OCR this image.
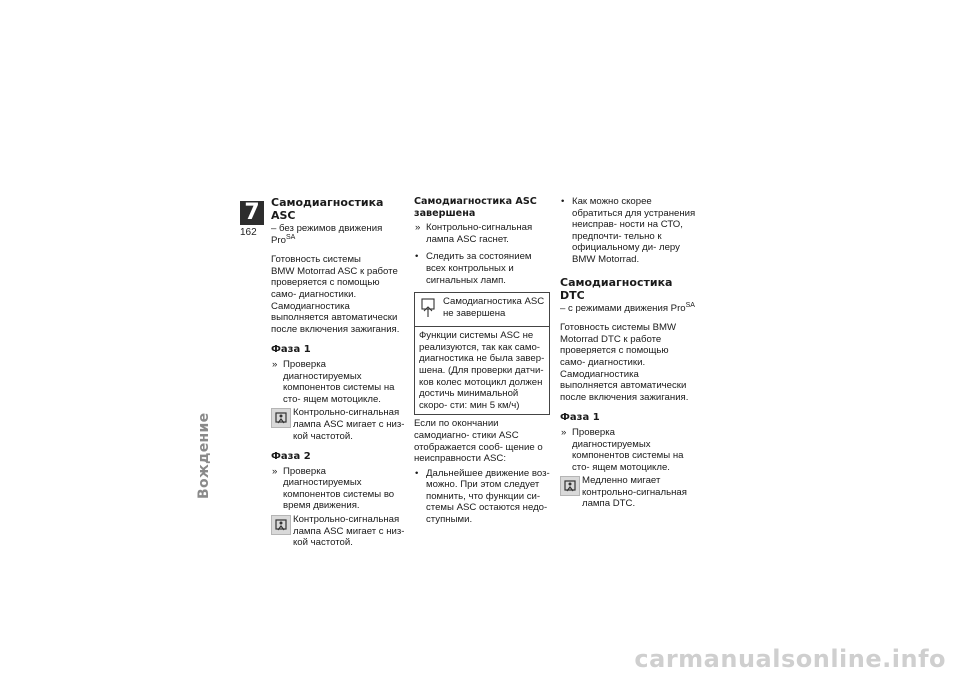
7
162
Вождение
Самодиагностика ASC
– без режимов движения Pro$^{SA}$
Готовность системы
BMW Motorrad ASC к работе проверяется с помощью само- диагностики. Самодиагностика выполняется автоматически после включения зажигания.
Фаза 1
» Проверка диагностируемых компонентов системы на сто- ящем мотоцикле.
Контрольно-сигнальная лампа ASC мигает с низ- кой частотой.
Фаза 2
» Проверка диагностируемых компонентов системы во время движения.
Контрольно-сигнальная лампа ASC мигает с низ- кой частотой.
Самодиагностика ASC завершена
» Контрольно-сигнальная лампа ASC гаснет.
• Следить за состоянием всех контрольных и сигнальных ламп.
Самодиагностика ASC не завершена
Функции системы ASC не реализуются, так как само- диагностика не была завер- шена. (Для проверки датчи- ков колес мотоцикл должен достичь минимальной скоро- сти: мин 5 км/ч)
Если по окончании самодиагно- стики ASC отображается сооб- щение о неисправности ASC:
• Дальнейшее движение воз- можно. При этом следует помнить, что функции си- стемы ASC остаются недо- ступными.
• Как можно скорее обратиться для устранения неисправ- ности на СТО, предпочти- тельно к официальному ди- леру BMW Motorrad.
Самодиагностика DTC
– с режимами движения Pro$^{SA}$
Готовность системы BMW Motorrad DTC к работе проверяется с помощью само- диагностики. Самодиагностика выполняется автоматически после включения зажигания.
Фаза 1
» Проверка диагностируемых компонентов системы на сто- ящем мотоцикле.
Медленно мигает контрольно-сигнальная лампа DTC.
carmanualsonline.info
